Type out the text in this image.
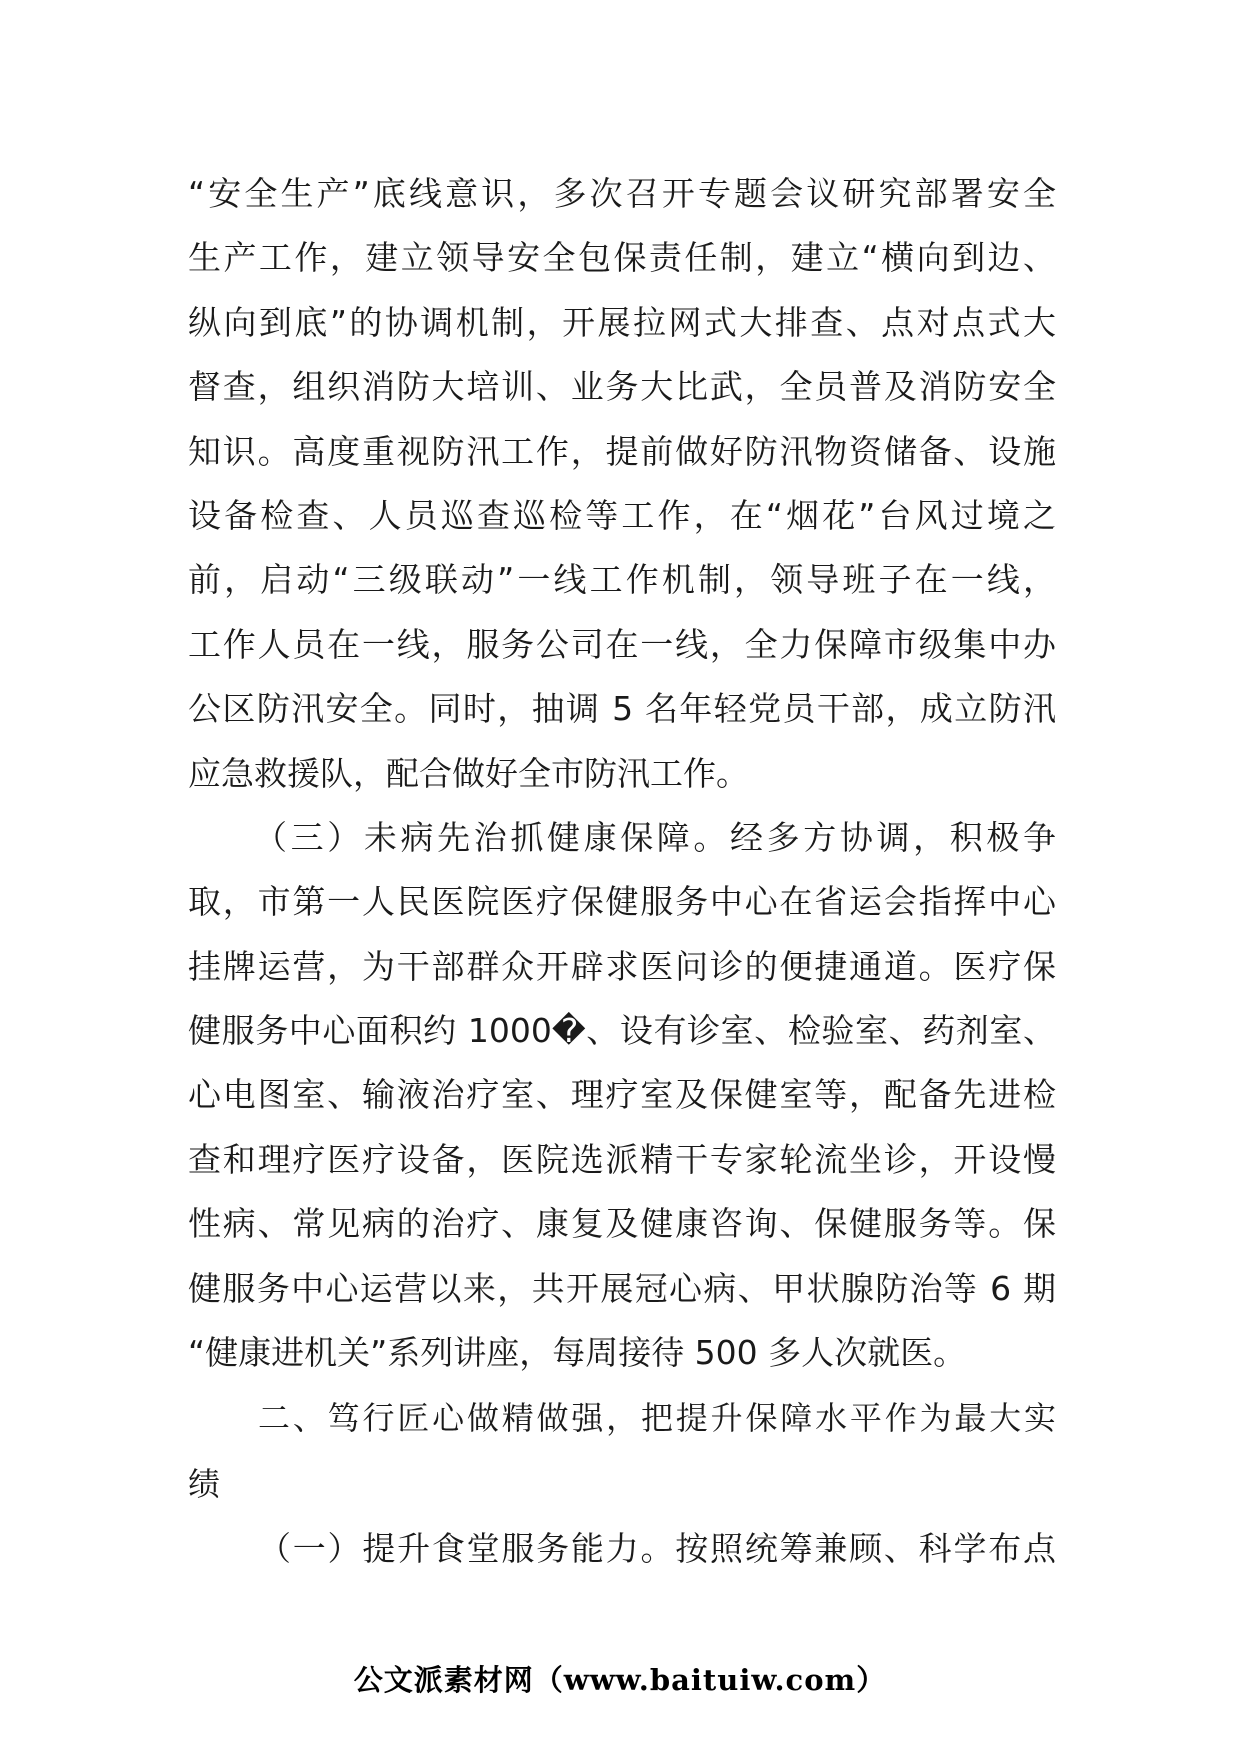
“安全生产”底线意识，多次召开专题会议研究部署安全
生产工作，建立领导安全包保责任制，建立“横向到边、
纵向到底”的协调机制，开展拉网式大排查、点对点式大
督查，组织消防大培训、业务大比武，全员普及消防安全
知识。高度重视防汛工作，提前做好防汛物资储备、设施
设备检查、人员巡查巡检等工作，在“烟花”台风过境之
前，启动“三级联动”一线工作机制，领导班子在一线，
工作人员在一线，服务公司在一线，全力保障市级集中办
公区防汛安全。同时，抽调 5 名年轻党员干部，成立防汛
应急救援队，配合做好全市防汛工作。
（三）未病先治抓健康保障。经多方协调，积极争
取，市第一人民医院医疗保健服务中心在省运会指挥中心
挂牌运营，为干部群众开辟求医问诊的便捷通道。医疗保
健服务中心面积约 1000�、设有诊室、检验室、药剂室、
心电图室、输液治疗室、理疗室及保健室等，配备先进检
查和理疗医疗设备，医院选派精干专家轮流坐诊，开设慢
性病、常见病的治疗、康复及健康咨询、保健服务等。保
健服务中心运营以来，共开展冠心病、甲状腺防治等 6 期
“健康进机关”系列讲座，每周接待 500 多人次就医。
二、笃行匠心做精做强，把提升保障水平作为最大实
绩
（一）提升食堂服务能力。按照统筹兼顾、科学布点
公文派素材网（www.baituiw.com）
